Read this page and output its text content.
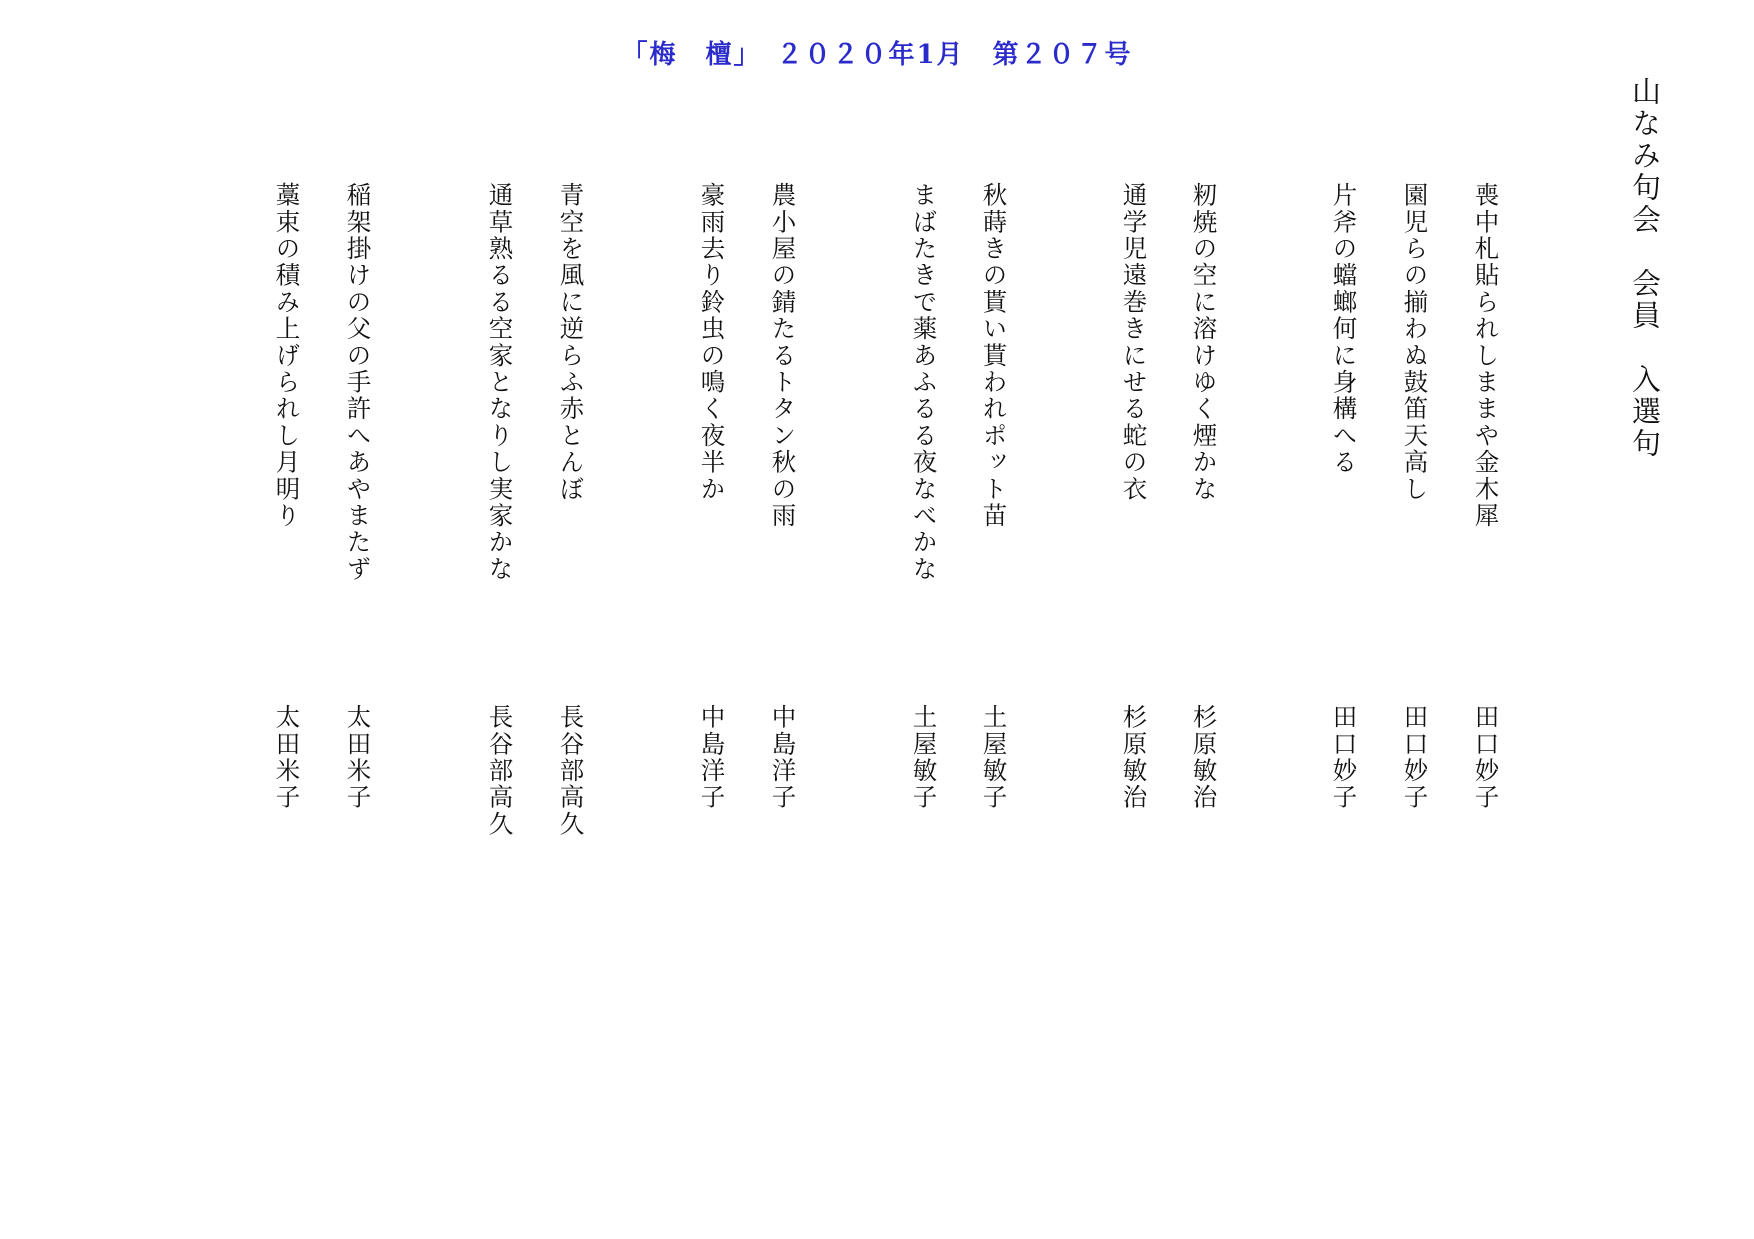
「梅　檀」　２０２０年1月　第２０７号
山なみ句会　会員　入選句
喪中札貼られしままや金木犀
田口妙子
園児らの揃わぬ鼓笛天高し
田口妙子
片斧の蟷螂何に身構へる
田口妙子
籾焼の空に溶けゆく煙かな
杉原敏治
通学児遠巻きにせる蛇の衣
杉原敏治
秋蒔きの貰い貰われポット苗
土屋敏子
まばたきで薬あふるる夜なべかな
土屋敏子
農小屋の錆たるトタン秋の雨
中島洋子
豪雨去り鈴虫の鳴く夜半か
中島洋子
青空を風に逆らふ赤とんぼ
長谷部高久
通草熟るる空家となりし実家かな
長谷部高久
稲架掛けの父の手許へあやまたず
太田米子
藁束の積み上げられし月明り
太田米子
